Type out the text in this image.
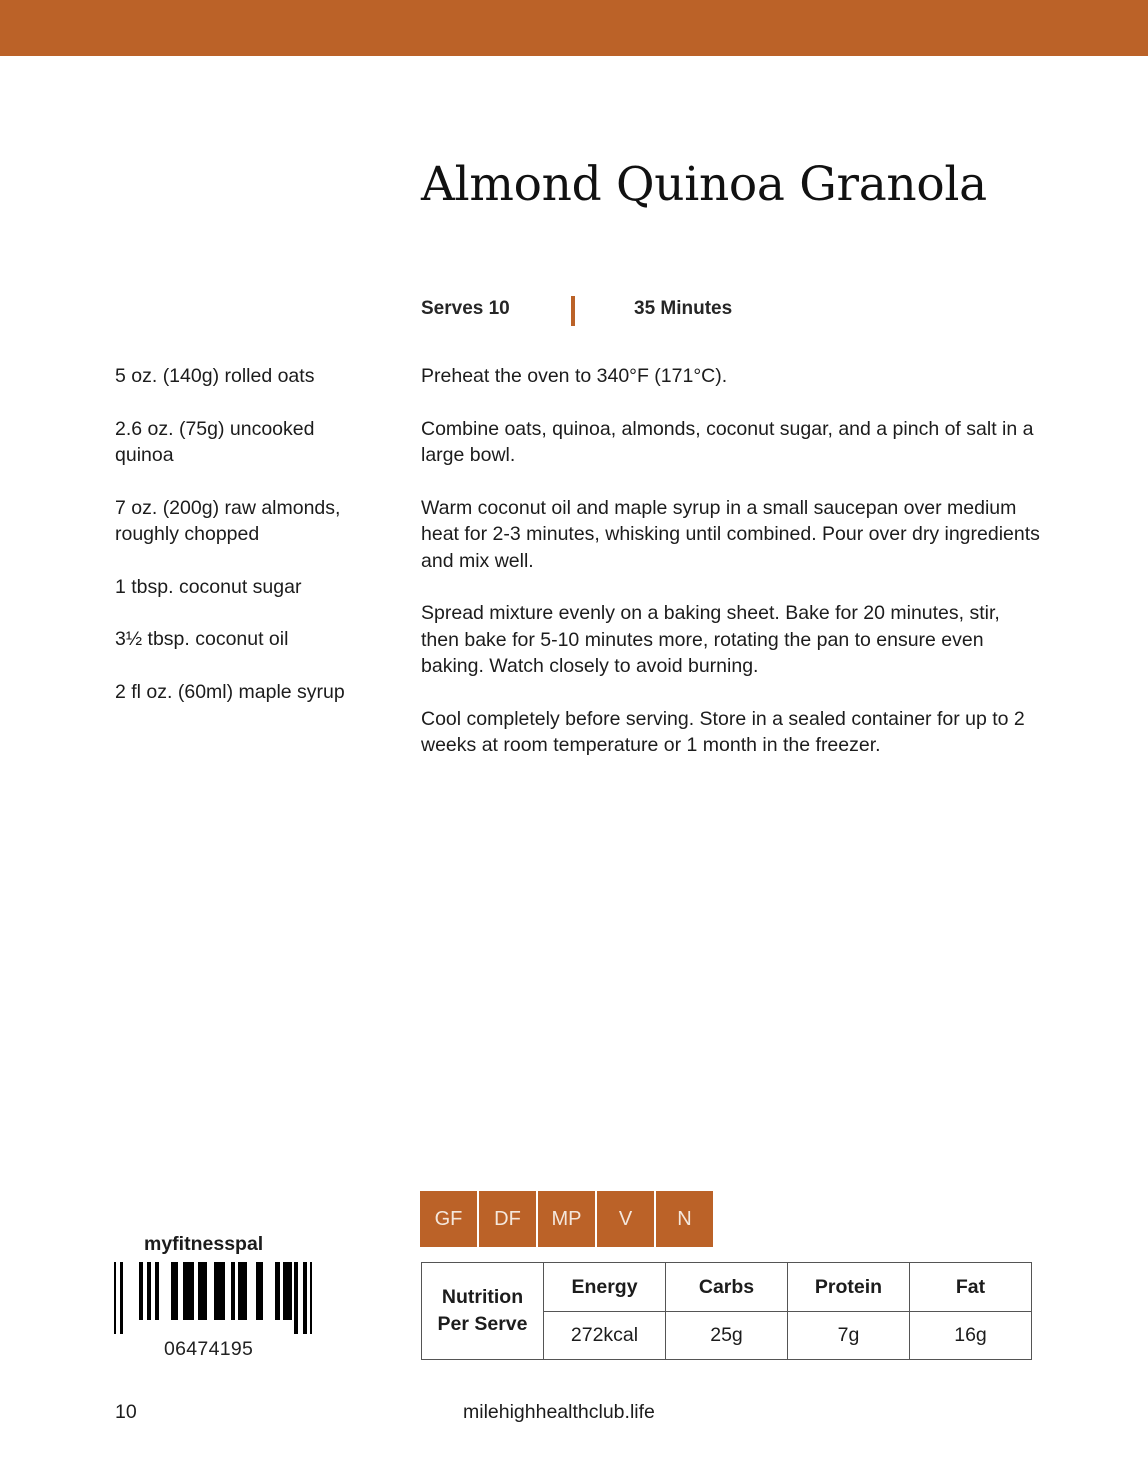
Almond Quinoa Granola
Serves 10	35 Minutes
5 oz. (140g) rolled oats
2.6 oz. (75g) uncooked quinoa
7 oz. (200g) raw almonds, roughly chopped
1 tbsp. coconut sugar
3½ tbsp. coconut oil
2 fl oz. (60ml) maple syrup

Preheat the oven to 340°F (171°C).

Combine oats, quinoa, almonds, coconut sugar, and a pinch of salt in a large bowl.

Warm coconut oil and maple syrup in a small saucepan over medium heat for 2-3 minutes, whisking until combined. Pour over dry ingredients and mix well.

Spread mixture evenly on a baking sheet. Bake for 20 minutes, stir, then bake for 5-10 minutes more, rotating the pan to ensure even baking. Watch closely to avoid burning.

Cool completely before serving. Store in a sealed container for up to 2 weeks at room temperature or 1 month in the freezer.

GF	DF	MP	V	N
Nutrition
Per Serve	Energy	Carbs	Protein	Fat
	272kcal	25g	7g	16g
myfitnesspal
06474195
10	milehighhealthclub.life
